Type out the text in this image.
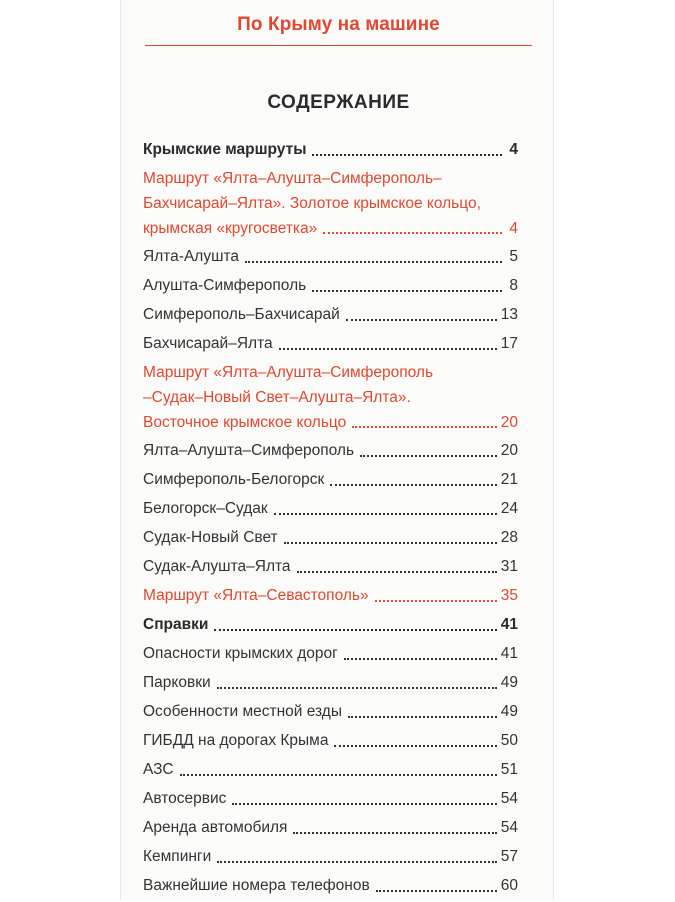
По Крыму на машине
СОДЕРЖАНИЕ
Крымские маршруты	4
Маршрут «Ялта–Алушта–Симферополь–
Бахчисарай–Ялта». Золотое крымское кольцо,
крымская «кругосветка»	4
Ялта-Алушта	5
Алушта-Симферополь	8
Симферополь–Бахчисарай	13
Бахчисарай–Ялта	17
Маршрут «Ялта–Алушта–Симферополь
–Судак–Новый Свет–Алушта–Ялта».
Восточное крымское кольцо	20
Ялта–Алушта–Симферополь	20
Симферополь-Белогорск	21
Белогорск–Судак	24
Судак-Новый Свет	28
Судак-Алушта–Ялта	31
Маршрут «Ялта–Севастополь»	35
Справки	41
Опасности крымских дорог	41
Парковки	49
Особенности местной езды	49
ГИБДД на дорогах Крыма	50
АЗС	51
Автосервис	54
Аренда автомобиля	54
Кемпинги	57
Важнейшие номера телефонов	60
